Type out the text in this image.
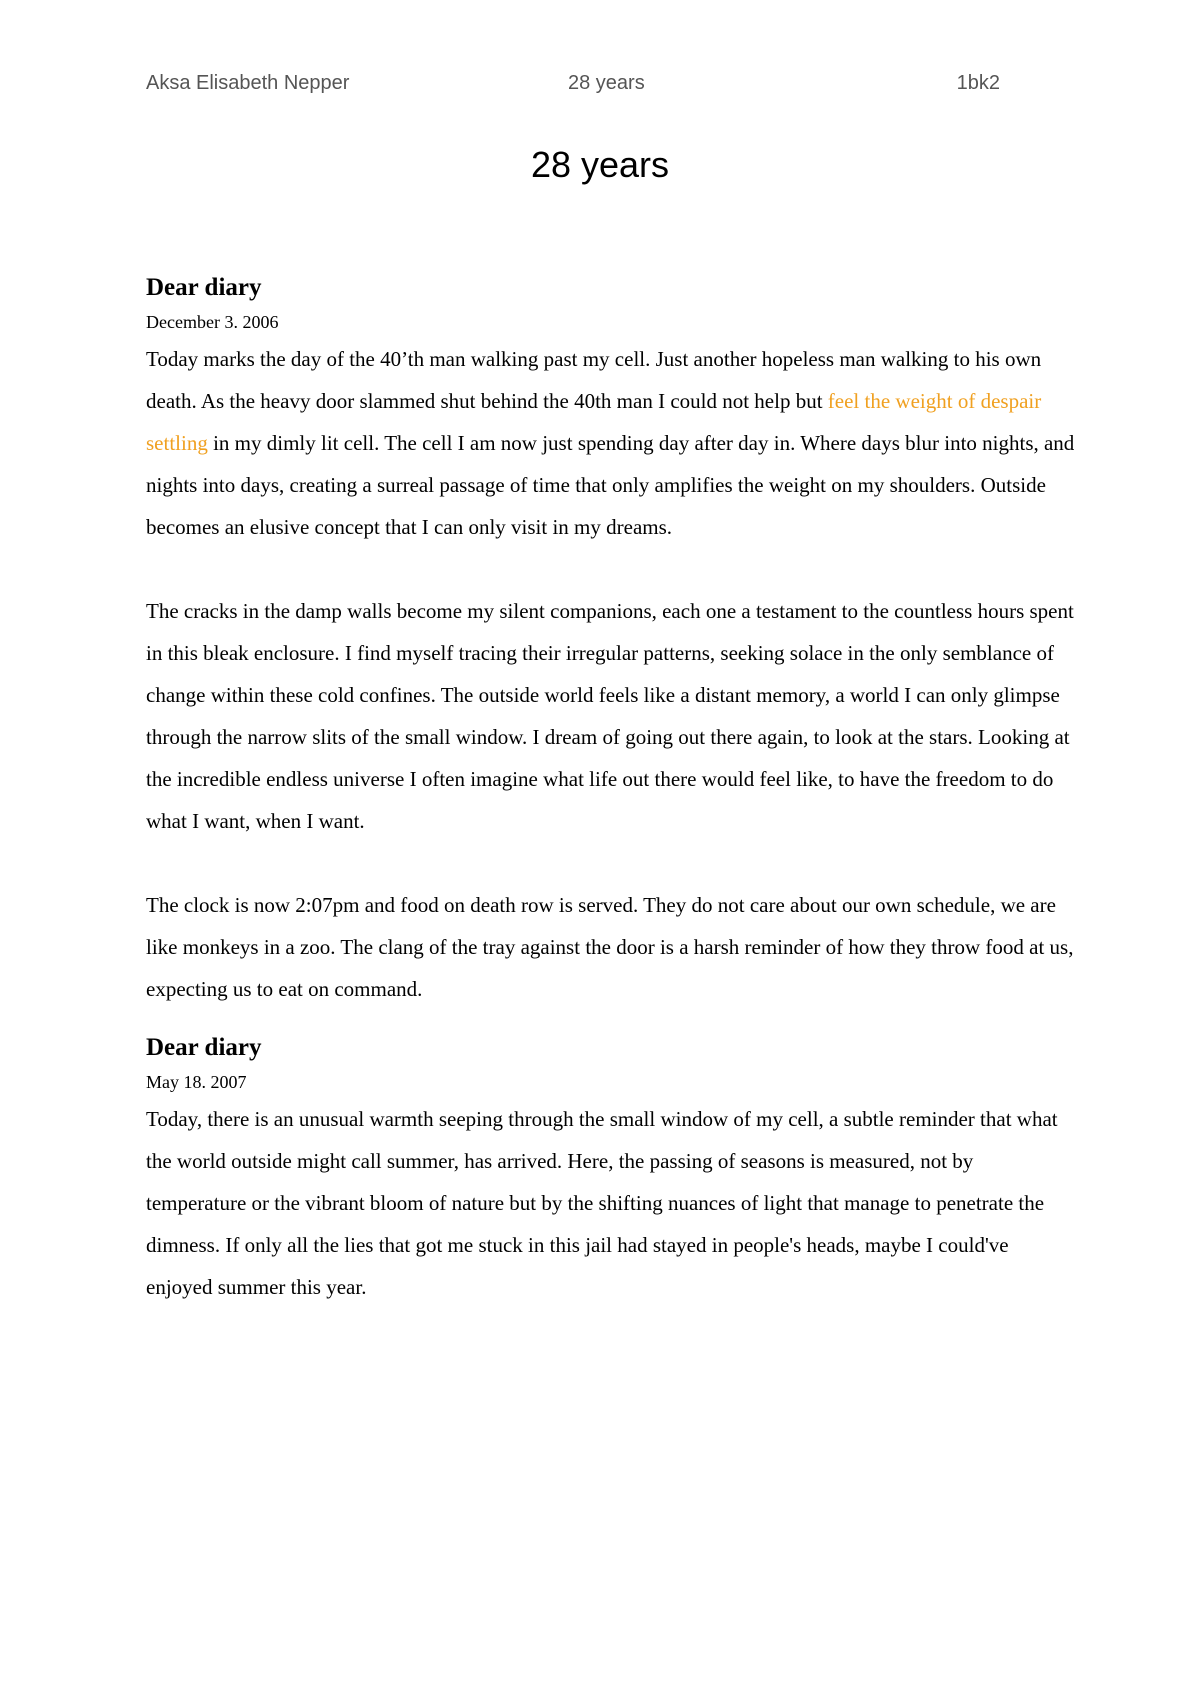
Aksa Elisabeth Nepper	28 years	1bk2
28 years
Dear diary

December 3. 2006

Today marks the day of the 40’th man walking past my cell. Just another hopeless man walking to his own death. As the heavy door slammed shut behind the 40th man I could not help but feel the weight of despair settling in my dimly lit cell. The cell I am now just spending day after day in. Where days blur into nights, and nights into days, creating a surreal passage of time that only amplifies the weight on my shoulders. Outside becomes an elusive concept that I can only visit in my dreams.

The cracks in the damp walls become my silent companions, each one a testament to the countless hours spent in this bleak enclosure. I find myself tracing their irregular patterns, seeking solace in the only semblance of change within these cold confines. The outside world feels like a distant memory, a world I can only glimpse through the narrow slits of the small window. I dream of going out there again, to look at the stars. Looking at the incredible endless universe I often imagine what life out there would feel like, to have the freedom to do what I want, when I want.

The clock is now 2:07pm and food on death row is served. They do not care about our own schedule, we are like monkeys in a zoo. The clang of the tray against the door is a harsh reminder of how they throw food at us, expecting us to eat on command.

Dear diary

May 18. 2007

Today, there is an unusual warmth seeping through the small window of my cell, a subtle reminder that what the world outside might call summer, has arrived. Here, the passing of seasons is measured, not by temperature or the vibrant bloom of nature but by the shifting nuances of light that manage to penetrate the dimness. If only all the lies that got me stuck in this jail had stayed in people's heads, maybe I could've enjoyed summer this year.
